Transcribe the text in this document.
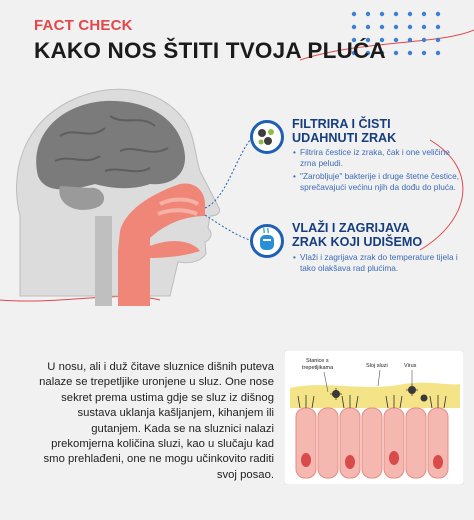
FACT CHECK
KAKO NOS ŠTITI TVOJA PLUĆA
FILTRIRA I ČISTI
UDAHNUTI ZRAK
• Filtrira čestice iz zraka, čak i one veličine zrna peludi.
• "Zarobljuje" bakterije i druge štetne čestice, sprečavajući većinu njih da dođu do pluća.
VLAŽI I ZAGRIJAVA
ZRAK KOJI UDIŠEMO
• Vlaži i zagrijava zrak do temperature tijela i tako olakšava rad plućima.
U nosu, ali i duž čitave sluznice dišnih puteva nalaze se trepetljike uronjene u sluz. One nose sekret prema ustima gdje se sluz iz dišnog sustava uklanja kašljanjem, kihanjem ili gutanjem. Kada se na sluznici nalazi prekomjerna količina sluzi, kao u slučaju kad smo prehlađeni, one ne mogu učinkovito raditi svoj posao.
Stanice s
trepetljikama	Sloj sluzi	Virus
